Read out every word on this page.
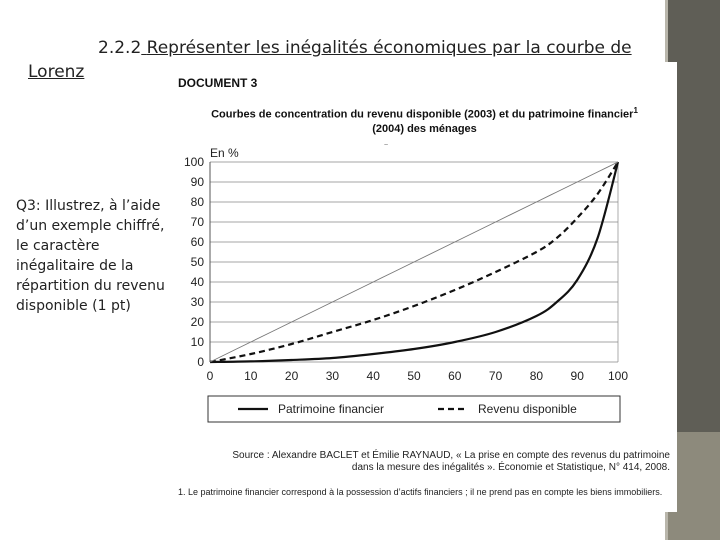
2.2.2 Représenter les inégalités économiques par la courbe de Lorenz
Q3: Illustrez, à l’aide d’un exemple chiffré, le caractère inégalitaire de la répartition du revenu disponible (1 pt)
DOCUMENT 3
Courbes de concentration du revenu disponible (2003) et du patrimoine financier$^1$
(2004) des ménages
~
0
10
20
30
40
50
60
70
80
90
100
0	10 20 30 40 50 60 70 80 90 100
En %
Patrimoine financier	Revenu disponible
Source : Alexandre BACLET et Émilie RAYNAUD, « La prise en compte des revenus du patrimoine dans la mesure des inégalités ». Économie et Statistique, N° 414, 2008.
1. Le patrimoine financier correspond à la possession d’actifs financiers ; il ne prend pas en compte les biens immobiliers.
